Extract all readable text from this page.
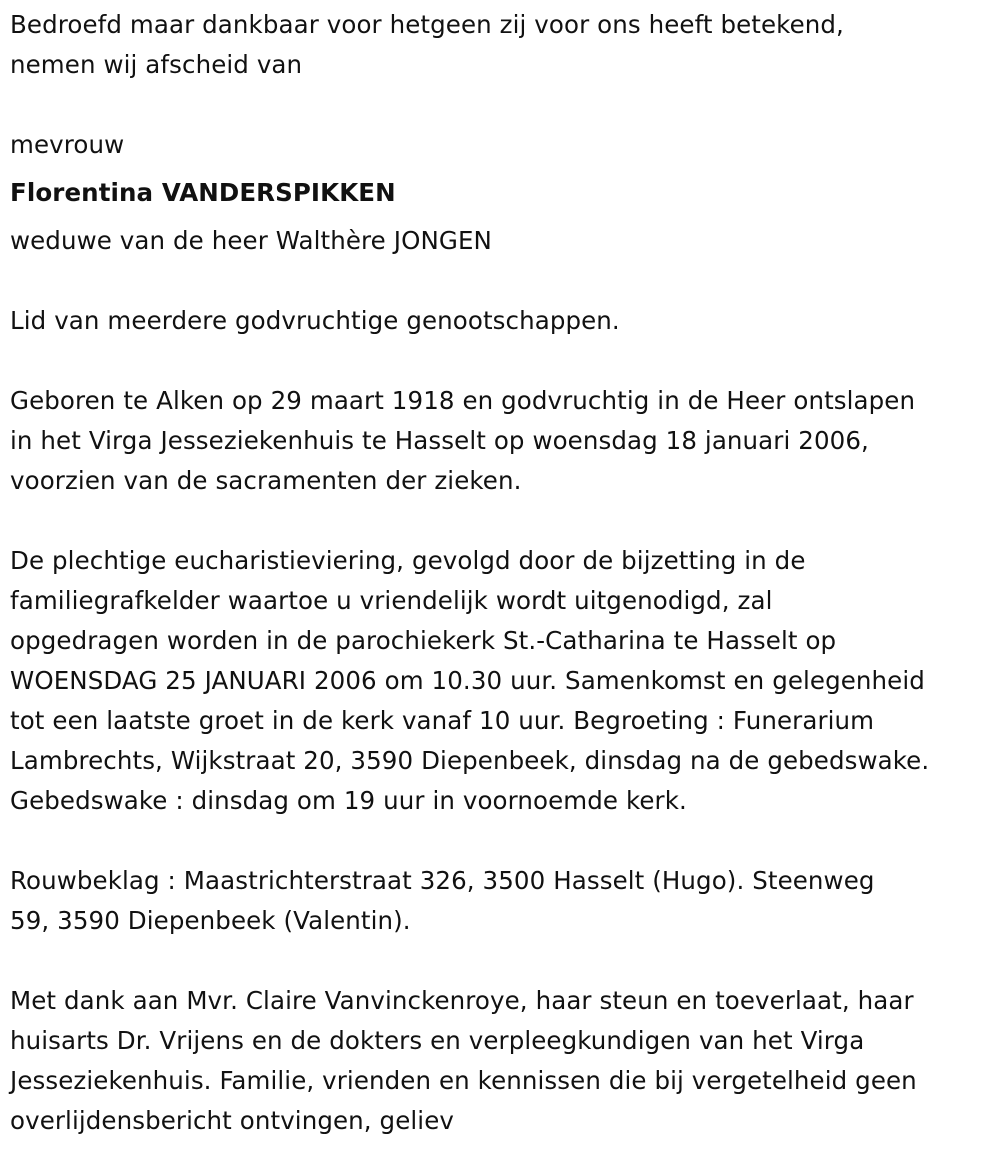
Bedroefd maar dankbaar voor hetgeen zij voor ons heeft betekend,

nemen wij afscheid van

mevrouw

Florentina VANDERSPIKKEN

weduwe van de heer Walthère JONGEN

Lid van meerdere godvruchtige genootschappen.

Geboren te Alken op 29 maart 1918 en godvruchtig in de Heer ontslapen

in het Virga Jesseziekenhuis te Hasselt op woensdag 18 januari 2006,

voorzien van de sacramenten der zieken.

De plechtige eucharistieviering, gevolgd door de bijzetting in de

familiegrafkelder waartoe u vriendelijk wordt uitgenodigd, zal

opgedragen worden in de parochiekerk St.-Catharina te Hasselt op

WOENSDAG 25 JANUARI 2006 om 10.30 uur. Samenkomst en gelegenheid

tot een laatste groet in de kerk vanaf 10 uur. Begroeting : Funerarium

Lambrechts, Wijkstraat 20, 3590 Diepenbeek, dinsdag na de gebedswake.

Gebedswake : dinsdag om 19 uur in voornoemde kerk.

Rouwbeklag : Maastrichterstraat 326, 3500 Hasselt (Hugo). Steenweg

59, 3590 Diepenbeek (Valentin).

Met dank aan Mvr. Claire Vanvinckenroye, haar steun en toeverlaat, haar

huisarts Dr. Vrijens en de dokters en verpleegkundigen van het Virga

Jesseziekenhuis. Familie, vrienden en kennissen die bij vergetelheid geen

overlijdensbericht ontvingen, geliev
